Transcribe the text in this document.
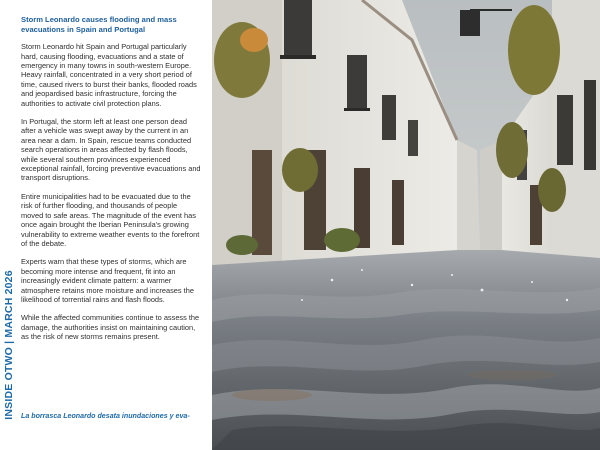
INSIDE OTWO | MARCH 2026
Storm Leonardo causes flooding and mass evacuations in Spain and Portugal

Storm Leonardo hit Spain and Portugal particularly hard, causing flooding, evacuations and a state of emergency in many towns in south-western Europe. Heavy rainfall, concentrated in a very short period of time, caused rivers to burst their banks, flooded roads and jeopardised basic infrastructure, forcing the authorities to activate civil protection plans.

In Portugal, the storm left at least one person dead after a vehicle was swept away by the current in an area near a dam. In Spain, rescue teams conducted search operations in areas affected by flash floods, while several southern provinces experienced exceptional rainfall, forcing preventive evacuations and transport disruptions.

Entire municipalities had to be evacuated due to the risk of further flooding, and thousands of people moved to safe areas. The magnitude of the event has once again brought the Iberian Peninsula's growing vulnerability to extreme weather events to the forefront of the debate.

Experts warn that these types of storms, which are becoming more intense and frequent, fit into an increasingly evident climate pattern: a warmer atmosphere retains more moisture and increases the likelihood of torrential rains and flash floods.

While the affected communities continue to assess the damage, the authorities insist on maintaining caution, as the risk of new storms remains present.

La borrasca Leonardo desata inundaciones y eva-
